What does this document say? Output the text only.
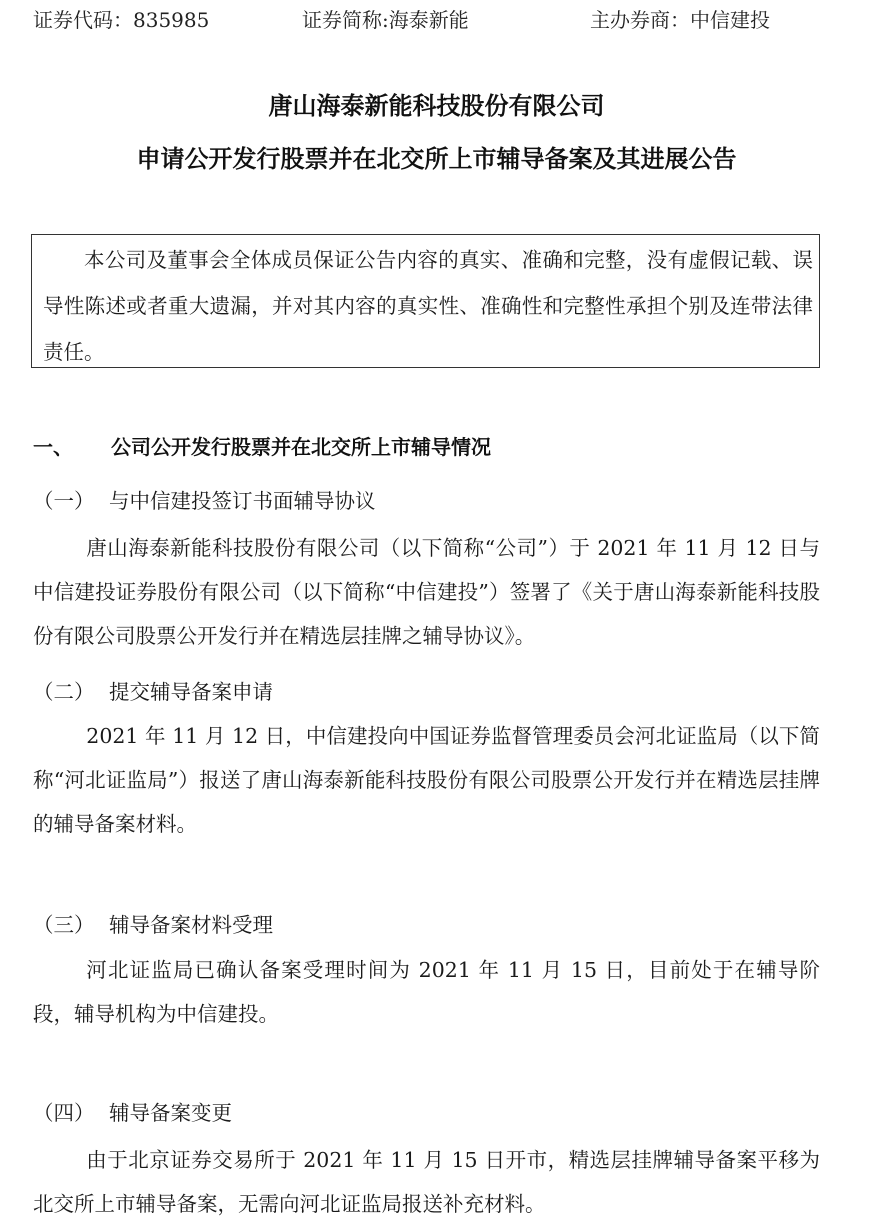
证券代码：835985	证券简称:海泰新能	主办券商：中信建投
唐山海泰新能科技股份有限公司
申请公开发行股票并在北交所上市辅导备案及其进展公告
本公司及董事会全体成员保证公告内容的真实、准确和完整，没有虚假记载、误导性陈述或者重大遗漏，并对其内容的真实性、准确性和完整性承担个别及连带法律责任。
一、 公司公开发行股票并在北交所上市辅导情况
（一） 与中信建投签订书面辅导协议
唐山海泰新能科技股份有限公司（以下简称“公司”）于 2021 年 11 月 12 日与中信建投证券股份有限公司（以下简称“中信建投”）签署了《关于唐山海泰新能科技股份有限公司股票公开发行并在精选层挂牌之辅导协议》。
（二） 提交辅导备案申请
2021 年 11 月 12 日，中信建投向中国证券监督管理委员会河北证监局（以下简称“河北证监局”）报送了唐山海泰新能科技股份有限公司股票公开发行并在精选层挂牌的辅导备案材料。
（三） 辅导备案材料受理
河北证监局已确认备案受理时间为 2021 年 11 月 15 日，目前处于在辅导阶段，辅导机构为中信建投。
（四） 辅导备案变更
由于北京证券交易所于 2021 年 11 月 15 日开市，精选层挂牌辅导备案平移为北交所上市辅导备案，无需向河北证监局报送补充材料。
